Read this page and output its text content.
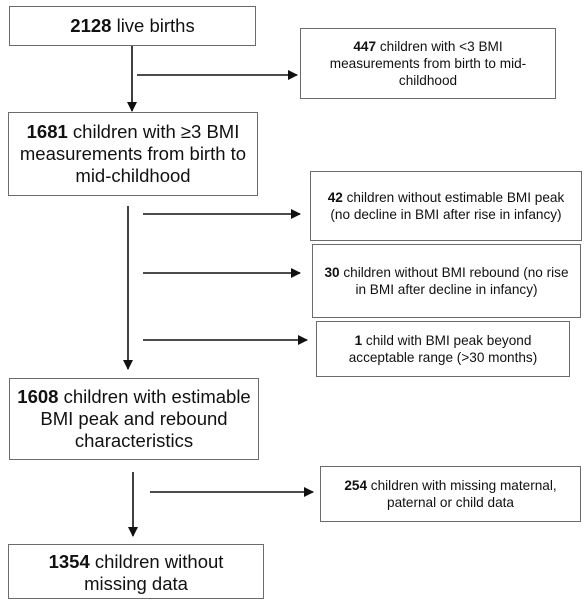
2128 live births
1681 children with ≥3 BMI measurements from birth to mid-childhood
1608 children with estimable BMI peak and rebound characteristics
1354 children without missing data
447 children with <3 BMI measurements from birth to mid-childhood
42 children without estimable BMI peak (no decline in BMI after rise in infancy)
30 children without BMI rebound (no rise in BMI after decline in infancy)
1 child with BMI peak beyond acceptable range (>30 months)
254 children with missing maternal, paternal or child data
